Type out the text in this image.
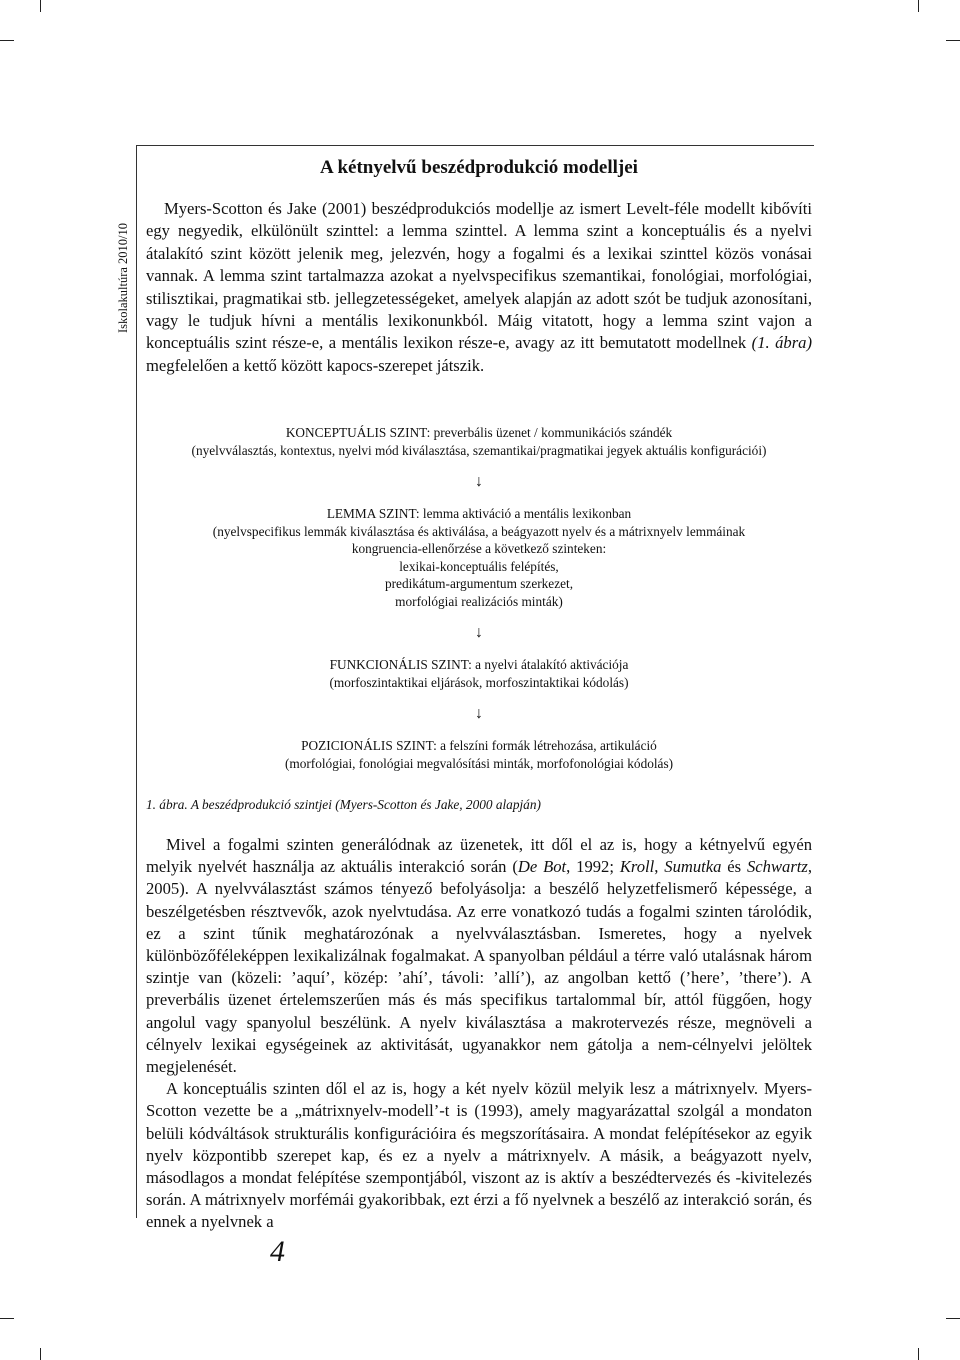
Iskolakultúra 2010/10
A kétnyelvű beszédprodukció modelljei
Myers-Scotton és Jake (2001) beszédprodukciós modellje az ismert Levelt-féle modellt kibővíti egy negyedik, elkülönült szinttel: a lemma szinttel. A lemma szint a konceptuális és a nyelvi átalakító szint között jelenik meg, jelezvén, hogy a fogalmi és a lexikai szinttel közös vonásai vannak. A lemma szint tartalmazza azokat a nyelvspecifikus szemantikai, fonológiai, morfológiai, stilisztikai, pragmatikai stb. jellegzetességeket, amelyek alapján az adott szót be tudjuk azonosítani, vagy le tudjuk hívni a mentális lexikonunkból. Máig vitatott, hogy a lemma szint vajon a konceptuális szint része-e, a mentális lexikon része-e, avagy az itt bemutatott modellnek (1. ábra) megfelelően a kettő között kapocs-szerepet játszik.

KONCEPTUÁLIS SZINT: preverbális üzenet / kommunikációs szándék

(nyelvválasztás, kontextus, nyelvi mód kiválasztása, szemantikai/pragmatikai jegyek aktuális konfigurációi)

↓

LEMMA SZINT: lemma aktiváció a mentális lexikonban

(nyelvspecifikus lemmák kiválasztása és aktiválása, a beágyazott nyelv és a mátrixnyelv lemmáinak

kongruencia-ellenőrzése a következő szinteken:

lexikai-konceptuális felépítés,

predikátum-argumentum szerkezet,

morfológiai realizációs minták)

↓

FUNKCIONÁLIS SZINT: a nyelvi átalakító aktivációja

(morfoszintaktikai eljárások, morfoszintaktikai kódolás)

↓

POZICIONÁLIS SZINT: a felszíni formák létrehozása, artikuláció

(morfológiai, fonológiai megvalósítási minták, morfofonológiai kódolás)

1. ábra. A beszédprodukció szintjei (Myers-Scotton és Jake, 2000 alapján)

Mivel a fogalmi szinten generálódnak az üzenetek, itt dől el az is, hogy a kétnyelvű egyén melyik nyelvét használja az aktuális interakció során (De Bot, 1992; Kroll, Sumutka és Schwartz, 2005). A nyelvválasztást számos tényező befolyásolja: a beszélő helyzetfelismerő képessége, a beszélgetésben résztvevők, azok nyelvtudása. Az erre vonatkozó tudás a fogalmi szinten tárolódik, ez a szint tűnik meghatározónak a nyelvválasztásban. Ismeretes, hogy a nyelvek különbözőféleképpen lexikalizálnak fogalmakat. A spanyolban például a térre való utalásnak három szintje van (közeli: ’aquí’, közép: ’ahí’, távoli: ’allí’), az angolban kettő (’here’, ’there’). A preverbális üzenet értelemszerűen más és más specifikus tartalommal bír, attól függően, hogy angolul vagy spanyolul beszélünk. A nyelv kiválasztása a makrotervezés része, megnöveli a célnyelv lexikai egységeinek az aktivitását, ugyanakkor nem gátolja a nem-célnyelvi jelöltek megjelenését.

A konceptuális szinten dől el az is, hogy a két nyelv közül melyik lesz a mátrixnyelv. Myers-Scotton vezette be a „mátrixnyelv-modell’-t is (1993), amely magyarázattal szolgál a mondaton belüli kódváltások strukturális konfigurációira és megszorításaira. A mondat felépítésekor az egyik nyelv központibb szerepet kap, és ez a nyelv a mátrixnyelv. A másik, a beágyazott nyelv, másodlagos a mondat felépítése szempontjából, viszont az is aktív a beszédtervezés és -kivitelezés során. A mátrixnyelv morfémái gyakoribbak, ezt érzi a fő nyelvnek a beszélő az interakció során, és ennek a nyelvnek a

4
